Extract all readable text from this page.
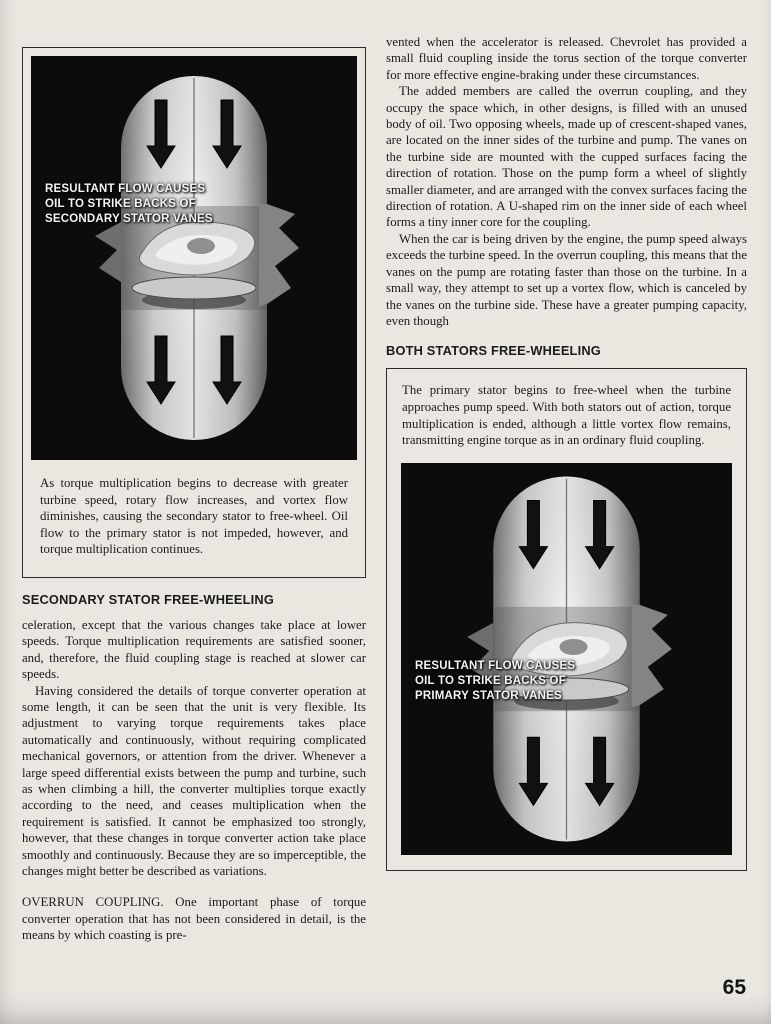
RESULTANT FLOW CAUSES
OIL TO STRIKE BACKS OF
SECONDARY STATOR VANES

As torque multiplication begins to decrease with greater turbine speed, rotary flow increases, and vortex flow diminishes, causing the secondary stator to free-wheel. Oil flow to the primary stator is not impeded, however, and torque multiplication continues.

SECONDARY STATOR FREE-WHEELING

celeration, except that the various changes take place at lower speeds. Torque multiplication requirements are satisfied sooner, and, therefore, the fluid coupling stage is reached at slower car speeds.

Having considered the details of torque converter operation at some length, it can be seen that the unit is very flexible. Its adjustment to varying torque requirements takes place automatically and continuously, without requiring complicated mechanical governors, or attention from the driver. Whenever a large speed differential exists between the pump and turbine, such as when climbing a hill, the converter multiplies torque exactly according to the need, and ceases multiplication when the requirement is satisfied. It cannot be emphasized too strongly, however, that these changes in torque converter action take place smoothly and continuously. Because they are so imperceptible, the changes might better be described as variations.

OVERRUN COUPLING. One important phase of torque converter operation that has not been considered in detail, is the means by which coasting is pre-

vented when the accelerator is released. Chevrolet has provided a small fluid coupling inside the torus section of the torque converter for more effective engine-braking under these circumstances.

The added members are called the overrun coupling, and they occupy the space which, in other designs, is filled with an unused body of oil. Two opposing wheels, made up of crescent-shaped vanes, are located on the inner sides of the turbine and pump. The vanes on the turbine side are mounted with the cupped surfaces facing the direction of rotation. Those on the pump form a wheel of slightly smaller diameter, and are arranged with the convex surfaces facing the direction of rotation. A U-shaped rim on the inner side of each wheel forms a tiny inner core for the coupling.

When the car is being driven by the engine, the pump speed always exceeds the turbine speed. In the overrun coupling, this means that the vanes on the pump are rotating faster than those on the turbine. In a small way, they attempt to set up a vortex flow, which is canceled by the vanes on the turbine side. These have a greater pumping capacity, even though

BOTH STATORS FREE-WHEELING

The primary stator begins to free-wheel when the turbine approaches pump speed. With both stators out of action, torque multiplication is ended, although a little vortex flow remains, transmitting engine torque as in an ordinary fluid coupling.

RESULTANT FLOW CAUSES
OIL TO STRIKE BACKS OF
PRIMARY STATOR VANES
65
